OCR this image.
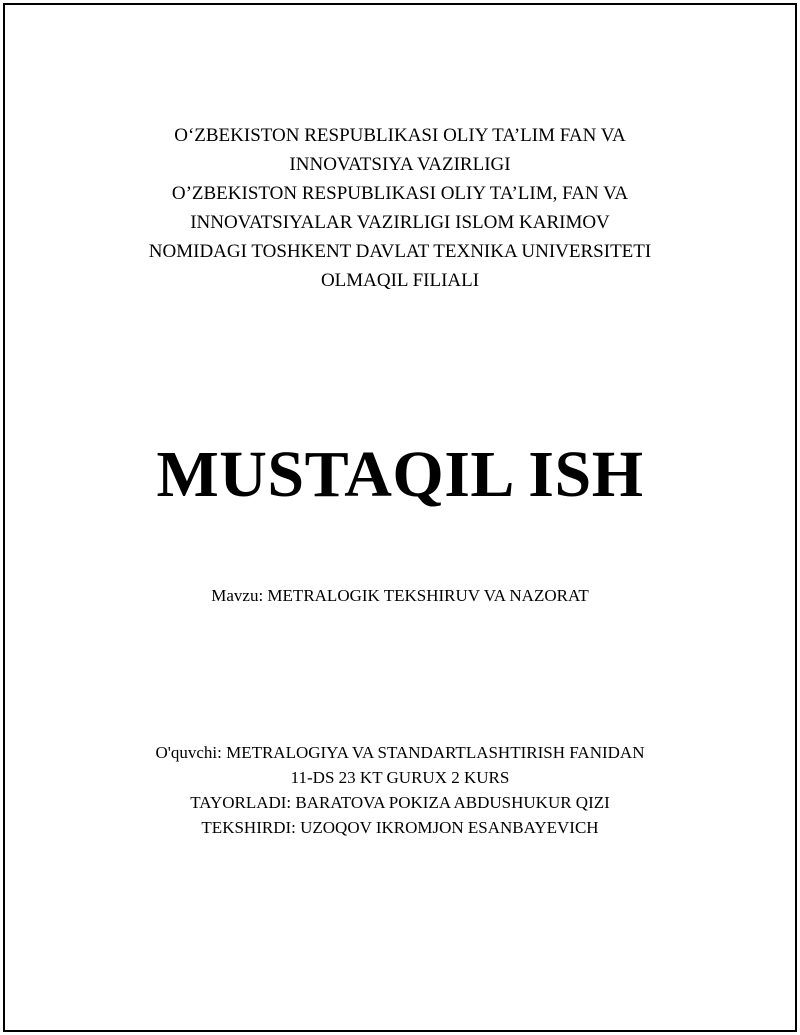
O‘ZBEKISTON RESPUBLIKASI OLIY TA’LIM FAN VA
INNOVATSIYA VAZIRLIGI
O’ZBEKISTON RESPUBLIKASI OLIY TA’LIM, FAN VA
INNOVATSIYALAR VAZIRLIGI ISLOM KARIMOV
NOMIDAGI TOSHKENT DAVLAT TEXNIKA UNIVERSITETI
OLMAQIL FILIALI
MUSTAQIL ISH
Mavzu: METRALOGIK TEKSHIRUV VA NAZORAT
O'quvchi: METRALOGIYA VA STANDARTLASHTIRISH FANIDAN
11-DS 23 KT GURUX 2 KURS
TAYORLADI: BARATOVA POKIZA ABDUSHUKUR QIZI
TEKSHIRDI: UZOQOV IKROMJON ESANBAYEVICH
